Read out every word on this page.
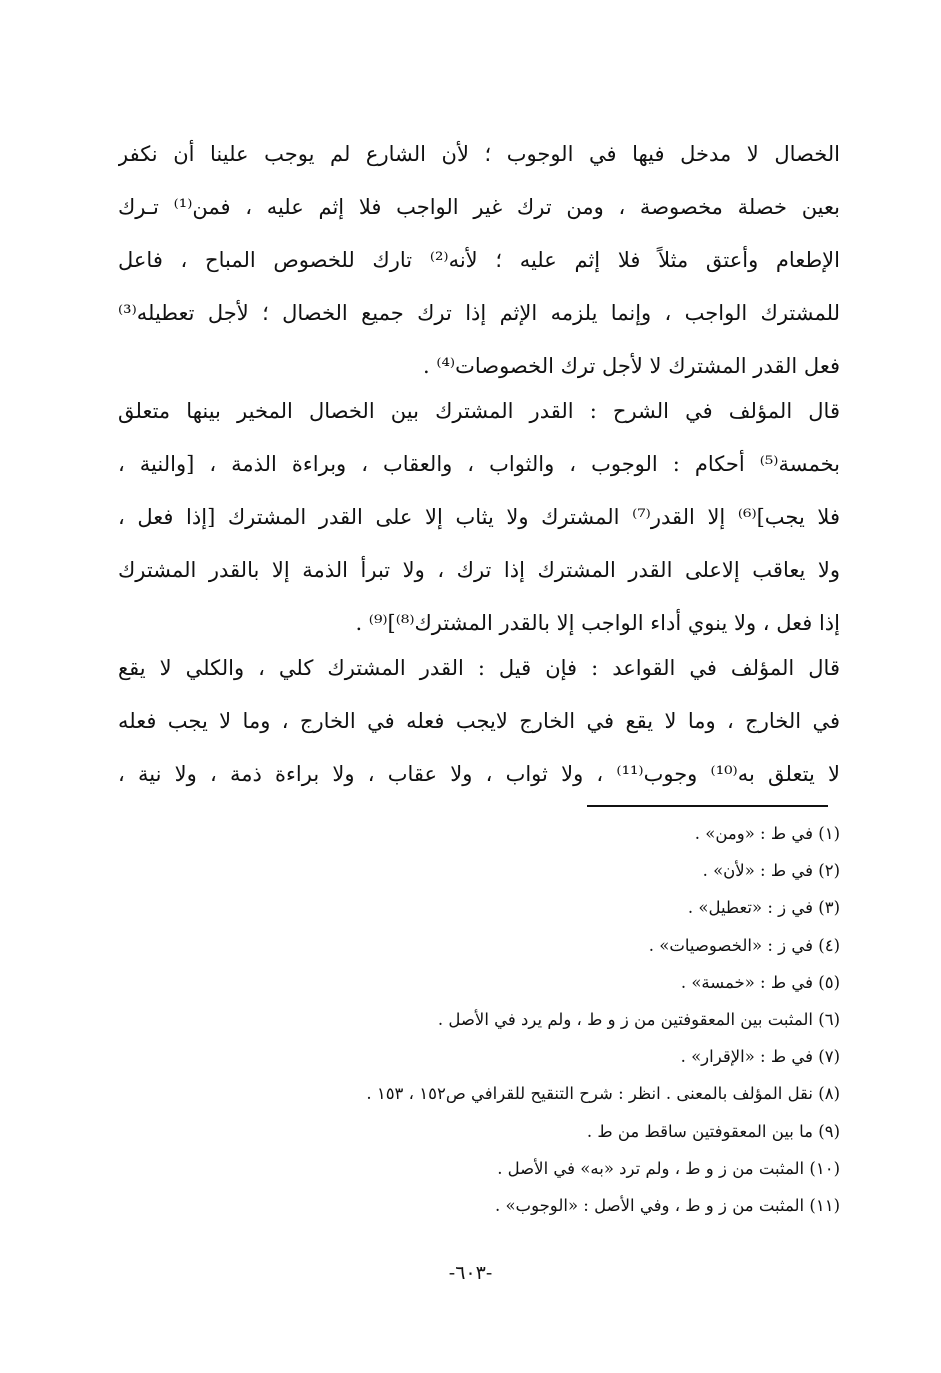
الخصال لا مدخل فيها في الوجوب ؛ لأن الشارع لم يوجب علينا أن نكفر
بعين خصلة مخصوصة ، ومن ترك غير الواجب فلا إثم عليه ، فمن⁽¹⁾ تـرك
الإطعام وأعتق مثلاً فلا إثم عليه ؛ لأنه⁽²⁾ تارك للخصوص المباح ، فاعل
للمشترك الواجب ، وإنما يلزمه الإثم إذا ترك جميع الخصال ؛ لأجل تعطيله⁽³⁾
فعل القدر المشترك لا لأجل ترك الخصوصات⁽⁴⁾ .
قال المؤلف في الشرح : القدر المشترك بين الخصال المخير بينها متعلق
بخمسة⁽⁵⁾ أحكام : الوجوب ، والثواب ، والعقاب ، وبراءة الذمة ، [والنية ،
فلا يجب]⁽⁶⁾ إلا القدر⁽⁷⁾ المشترك ولا يثاب إلا على القدر المشترك [إذا فعل ،
ولا يعاقب إلاعلى القدر المشترك إذا ترك ، ولا تبرأ الذمة إلا بالقدر المشترك
إذا فعل ، ولا ينوي أداء الواجب إلا بالقدر المشترك⁽⁸⁾]⁽⁹⁾ .
قال المؤلف في القواعد : فإن قيل : القدر المشترك كلي ، والكلي لا يقع
في الخارج ، وما لا يقع في الخارج لايجب فعله في الخارج ، وما لا يجب فعله
لا يتعلق به⁽¹⁰⁾ وجوب⁽¹¹⁾ ، ولا ثواب ، ولا عقاب ، ولا براءة ذمة ، ولا نية ،
(١) في ط : «ومن» .
(٢) في ط : «لأن» .
(٣) في ز : «تعطيل» .
(٤) في ز : «الخصوصيات» .
(٥) في ط : «خمسة» .
(٦) المثبت بين المعقوفتين من ز و ط ، ولم يرد في الأصل .
(٧) في ط : «الإقرار» .
(٨) نقل المؤلف بالمعنى . انظر : شرح التنقيح للقرافي ص١٥٢ ، ١٥٣ .
(٩) ما بين المعقوفتين ساقط من ط .
(١٠) المثبت من ز و ط ، ولم ترد «به» في الأصل .
(١١) المثبت من ز و ط ، وفي الأصل : «الوجوب» .
-٦٠٣-
